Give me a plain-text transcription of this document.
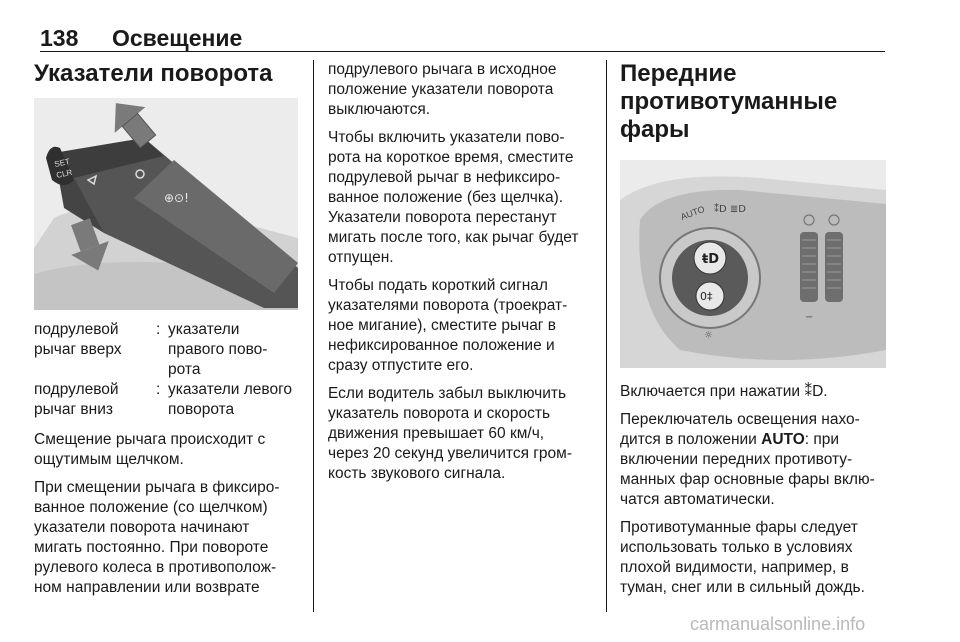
138 Освещение
Указатели поворота
SET
CLR
⊕⊙!
подрулевой
рычаг вверх
: указатели
правого пово-
рота
подрулевой
рычаг вниз
: указатели левого
поворота

Смещение рычага происходит с
ощутимым щелчком.

При смещении рычага в фиксиро-
ванное положение (со щелчком)
указатели поворота начинают
мигать постоянно. При повороте
рулевого колеса в противополож-
ном направлении или возврате

подрулевого рычага в исходное
положение указатели поворота
выключаются.

Чтобы включить указатели пово-
рота на короткое время, сместите
подрулевой рычаг в нефиксиро-
ванное положение (без щелчка).
Указатели поворота перестанут
мигать после того, как рычаг будет
отпущен.

Чтобы подать короткий сигнал
указателями поворота (троекрат-
ное мигание), сместите рычаг в
нефиксированное положение и
сразу отпустите его.

Если водитель забыл выключить
указатель поворота и скорость
движения превышает 60 км/ч,
через 20 секунд увеличится гром-
кость звукового сигнала.

Передние
противотуманные фары
ŧD
0‡
AUTO ⁑D ≣D
−
☼

Включается при нажатии ⁑D.

Переключатель освещения нахо-
дится в положении AUTO: при
включении передних противоту-
манных фар основные фары вклю-
чатся автоматически.

Противотуманные фары следует
использовать только в условиях
плохой видимости, например, в
туман, снег или в сильный дождь.

carmanualsonline.info
